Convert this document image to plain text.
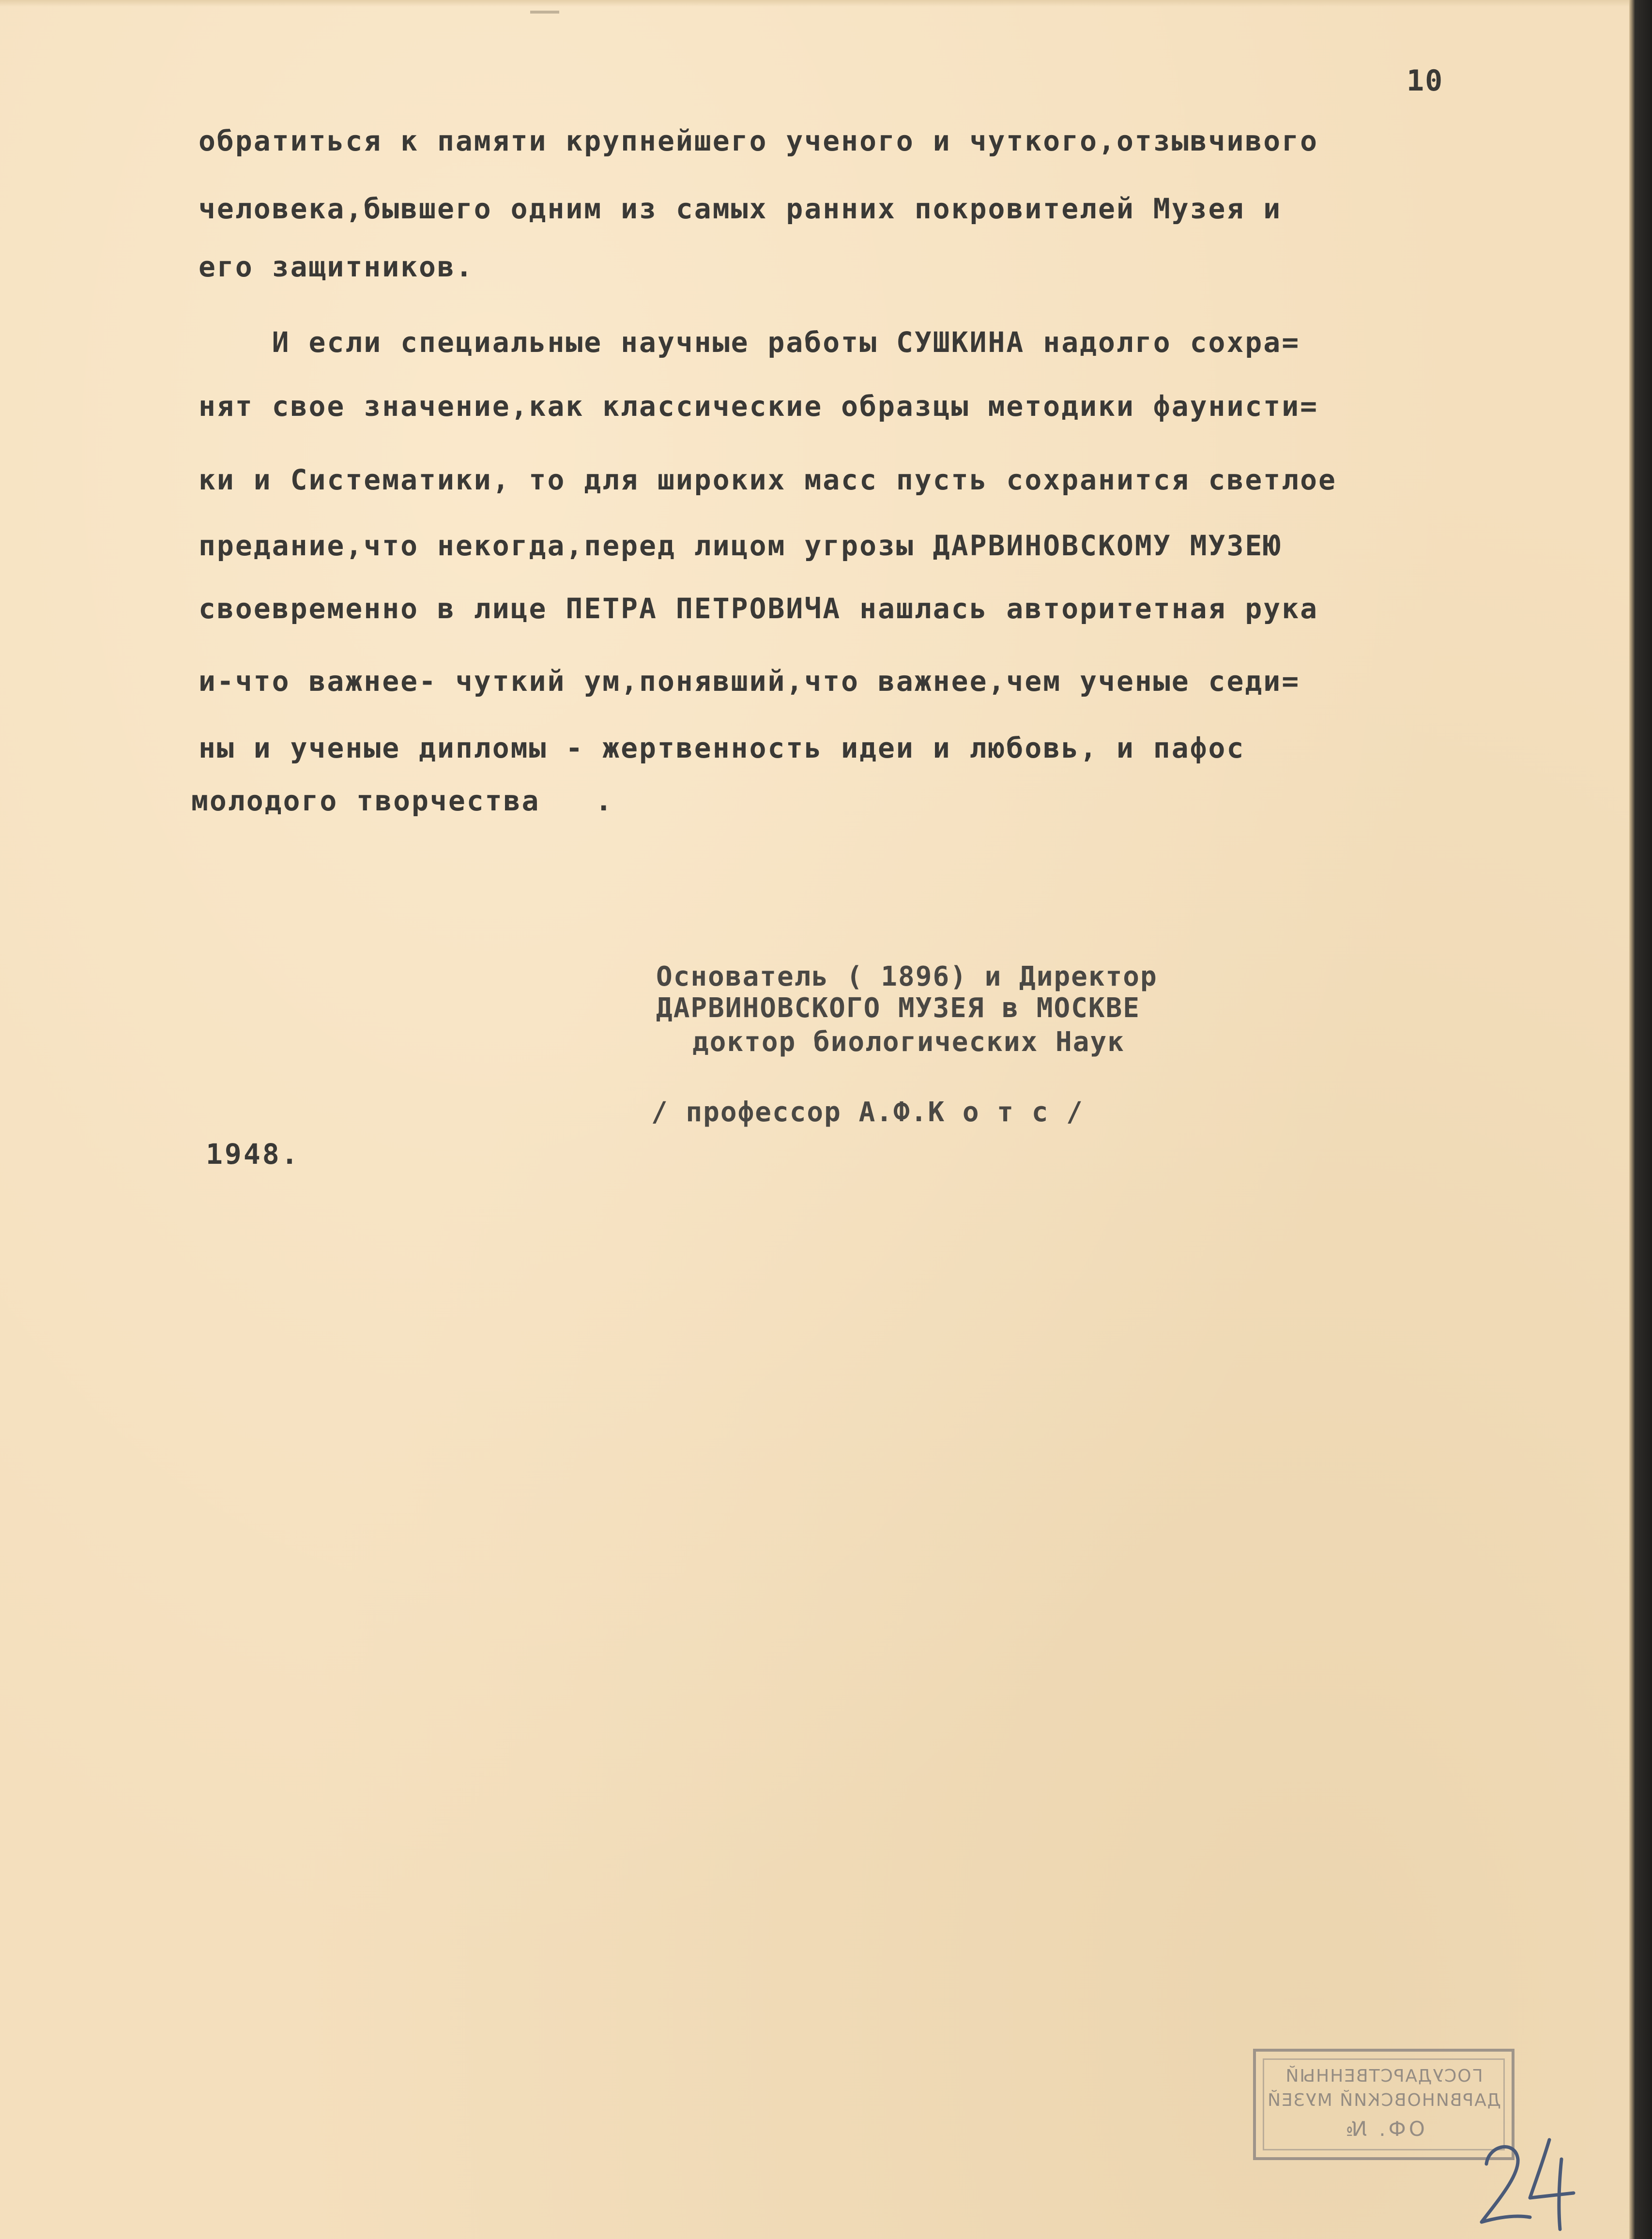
10
обратиться к памяти крупнейшего ученого и чуткого,отзывчивого
человека,бывшего одним из самых ранних покровителей Музея и
его защитников.
И если специальные научные работы СУШКИНА надолго сохра=
нят свое значение,как классические образцы методики фаунисти=
ки и Систематики, то для широких масс пусть сохранится светлое
предание,что некогда,перед лицом угрозы ДАРВИНОВСКОМУ МУЗЕЮ
своевременно в лице ПЕТРА ПЕТРОВИЧА нашлась авторитетная рука
и-что важнее- чуткий ум,понявший,что важнее,чем ученые седи=
ны и ученые дипломы - жертвенность идеи и любовь, и пафос
молодого творчества   .
Основатель ( 1896) и Директор
ДАРВИНОВСКОГО МУЗЕЯ в МОСКВЕ
доктор биологических Наук
/ профессор А.Ф.К о т с /
1948.
ГОСУДАРСТВЕННЫЙ
ДАРВИНОВСКИЙ МУЗЕЙ
ОФ. №
